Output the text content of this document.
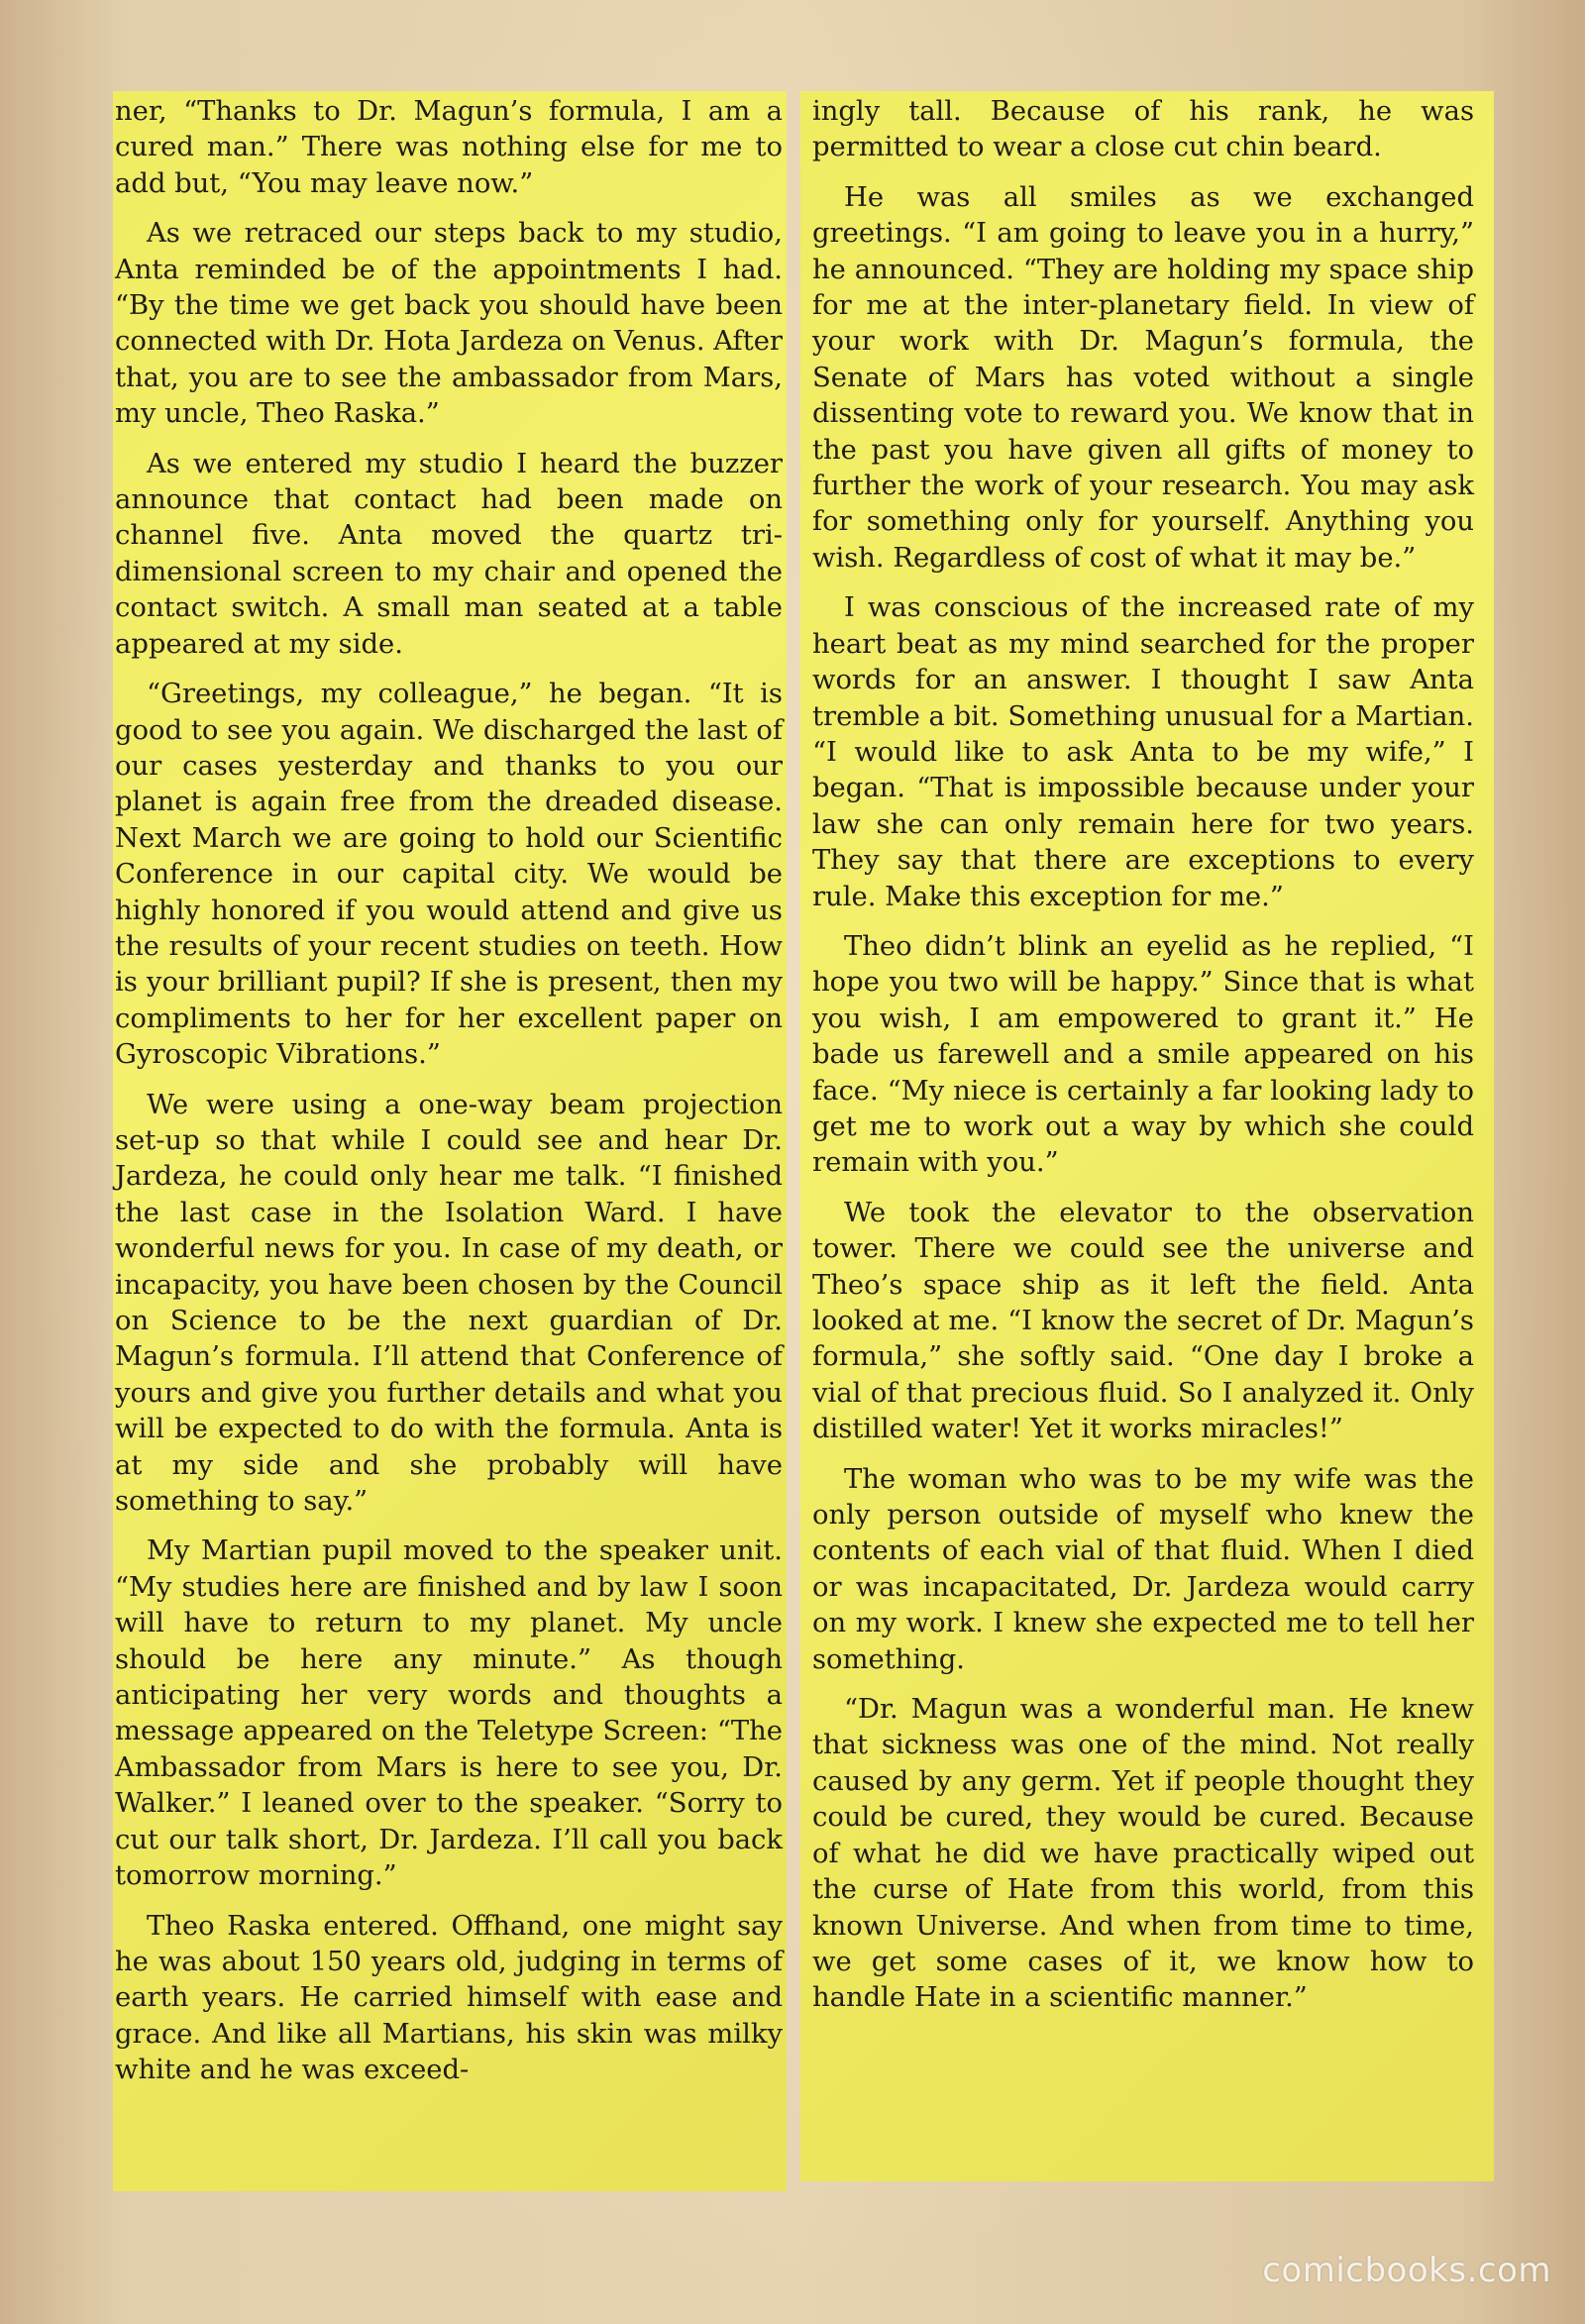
ner, “Thanks to Dr. Magun’s formula, I am a cured man.” There was nothing else for me to add but, “You may leave now.”

As we retraced our steps back to my studio, Anta reminded be of the appointments I had. “By the time we get back you should have been connected with Dr. Hota Jardeza on Venus. After that, you are to see the ambassador from Mars, my uncle, Theo Raska.”

As we entered my studio I heard the buzzer announce that contact had been made on channel five. Anta moved the quartz tri-dimensional screen to my chair and opened the contact switch. A small man seated at a table appeared at my side.

“Greetings, my colleague,” he began. “It is good to see you again. We discharged the last of our cases yesterday and thanks to you our planet is again free from the dreaded disease. Next March we are going to hold our Scientific Conference in our capital city. We would be highly honored if you would attend and give us the results of your recent studies on teeth. How is your brilliant pupil? If she is present, then my compliments to her for her excellent paper on Gyroscopic Vibrations.”

We were using a one-way beam projection set-up so that while I could see and hear Dr. Jardeza, he could only hear me talk. “I finished the last case in the Isolation Ward. I have wonderful news for you. In case of my death, or incapacity, you have been chosen by the Council on Science to be the next guardian of Dr. Magun’s formula. I’ll attend that Conference of yours and give you further details and what you will be expected to do with the formula. Anta is at my side and she probably will have something to say.”

My Martian pupil moved to the speaker unit. “My studies here are finished and by law I soon will have to return to my planet. My uncle should be here any minute.” As though anticipating her very words and thoughts a message appeared on the Teletype Screen: “The Ambassador from Mars is here to see you, Dr. Walker.” I leaned over to the speaker. “Sorry to cut our talk short, Dr. Jardeza. I’ll call you back tomorrow morning.”

Theo Raska entered. Offhand, one might say he was about 150 years old, judging in terms of earth years. He carried himself with ease and grace. And like all Martians, his skin was milky white and he was exceed-

ingly tall. Because of his rank, he was permitted to wear a close cut chin beard.

He was all smiles as we exchanged greetings. “I am going to leave you in a hurry,” he announced. “They are holding my space ship for me at the inter-planetary field. In view of your work with Dr. Magun’s formula, the Senate of Mars has voted without a single dissenting vote to reward you. We know that in the past you have given all gifts of money to further the work of your research. You may ask for something only for yourself. Anything you wish. Regardless of cost of what it may be.”

I was conscious of the increased rate of my heart beat as my mind searched for the proper words for an answer. I thought I saw Anta tremble a bit. Something unusual for a Martian. “I would like to ask Anta to be my wife,” I began. “That is impossible because under your law she can only remain here for two years. They say that there are exceptions to every rule. Make this exception for me.”

Theo didn’t blink an eyelid as he replied, “I hope you two will be happy.” Since that is what you wish, I am empowered to grant it.” He bade us farewell and a smile appeared on his face. “My niece is certainly a far looking lady to get me to work out a way by which she could remain with you.”

We took the elevator to the observation tower. There we could see the universe and Theo’s space ship as it left the field. Anta looked at me. “I know the secret of Dr. Magun’s formula,” she softly said. “One day I broke a vial of that precious fluid. So I analyzed it. Only distilled water! Yet it works miracles!”

The woman who was to be my wife was the only person outside of myself who knew the contents of each vial of that fluid. When I died or was incapacitated, Dr. Jardeza would carry on my work. I knew she expected me to tell her something.

“Dr. Magun was a wonderful man. He knew that sickness was one of the mind. Not really caused by any germ. Yet if people thought they could be cured, they would be cured. Because of what he did we have practically wiped out the curse of Hate from this world, from this known Universe. And when from time to time, we get some cases of it, we know how to handle Hate in a scientific manner.”

comicbooks.com
